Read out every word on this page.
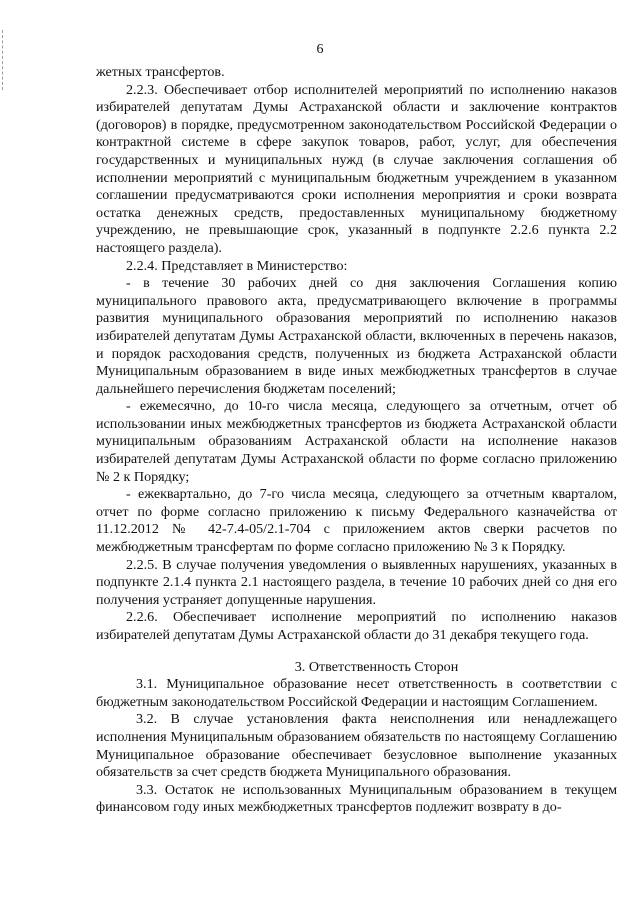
6

жетных трансфертов.

2.2.3. Обеспечивает отбор исполнителей мероприятий по исполнению наказов избирателей депутатам Думы Астраханской области и заключение контрактов (договоров) в порядке, предусмотренном законодательством Российской Федерации о контрактной системе в сфере закупок товаров, работ, услуг, для обеспечения государственных и муниципальных нужд (в случае заключения соглашения об исполнении мероприятий с муниципальным бюджетным учреждением в указанном соглашении предусматриваются сроки исполнения мероприятия и сроки возврата остатка денежных средств, предоставленных муниципальному бюджетному учреждению, не превышающие срок, указанный в подпункте 2.2.6 пункта 2.2 настоящего раздела).

2.2.4. Представляет в Министерство:

- в течение 30 рабочих дней со дня заключения Соглашения копию муниципального правового акта, предусматривающего включение в программы развития муниципального образования мероприятий по исполнению наказов избирателей депутатам Думы Астраханской области, включенных в перечень наказов, и порядок расходования средств, полученных из бюджета Астраханской области Муниципальным образованием в виде иных межбюджетных трансфертов в случае дальнейшего перечисления бюджетам поселений;

- ежемесячно, до 10-го числа месяца, следующего за отчетным, отчет об использовании иных межбюджетных трансфертов из бюджета Астраханской области муниципальным образованиям Астраханской области на исполнение наказов избирателей депутатам Думы Астраханской области по форме согласно приложению № 2 к Порядку;

- ежеквартально, до 7-го числа месяца, следующего за отчетным кварталом, отчет по форме согласно приложению к письму Федерального казначейства от 11.12.2012 № 42-7.4-05/2.1-704 с приложением актов сверки расчетов по межбюджетным трансфертам по форме согласно приложению № 3 к Порядку.

2.2.5. В случае получения уведомления о выявленных нарушениях, указанных в подпункте 2.1.4 пункта 2.1 настоящего раздела, в течение 10 рабочих дней со дня его получения устраняет допущенные нарушения.

2.2.6. Обеспечивает исполнение мероприятий по исполнению наказов избирателей депутатам Думы Астраханской области до 31 декабря текущего года.

3. Ответственность Сторон

3.1. Муниципальное образование несет ответственность в соответствии с бюджетным законодательством Российской Федерации и настоящим Соглашением.

3.2. В случае установления факта неисполнения или ненадлежащего исполнения Муниципальным образованием обязательств по настоящему Соглашению Муниципальное образование обеспечивает безусловное выполнение указанных обязательств за счет средств бюджета Муниципального образования.

3.3. Остаток не использованных Муниципальным образованием в текущем финансовом году иных межбюджетных трансфертов подлежит возврату в до-
